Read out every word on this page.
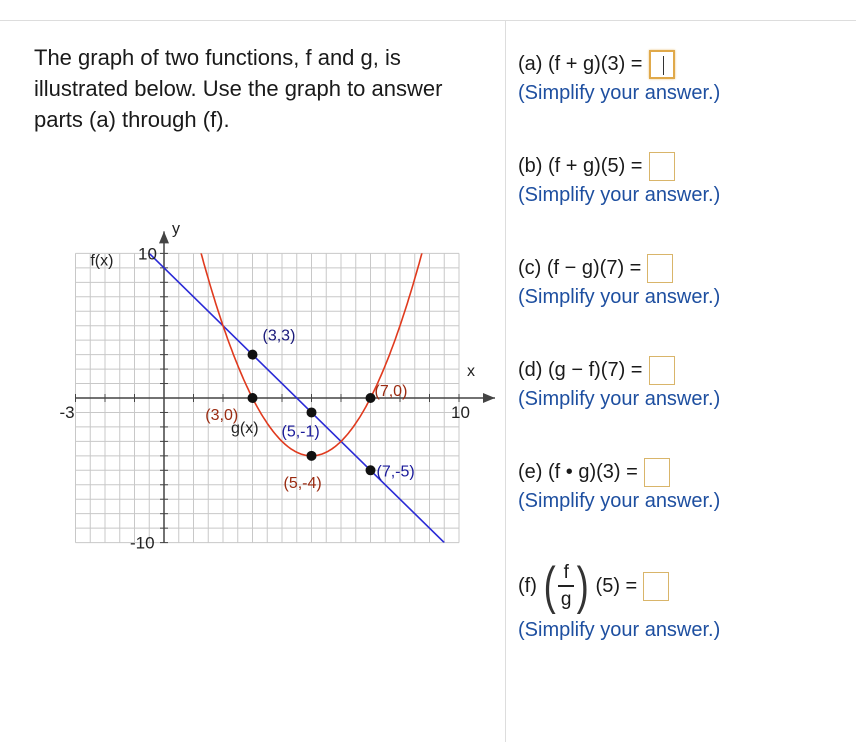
The graph of two functions, f and g, is illustrated below. Use the graph to answer parts (a) through (f).
x
y
-3	10
10
-10
f(x)
g(x)
(3,3)
(3,0)
(5,-1)
(5,-4)
(7,0)
(7,-5)
(a)
(f + g)(3) =
(Simplify your answer.)
(b)
(f + g)(5) =
(Simplify your answer.)
(c)
(f − g)(7) =
(Simplify your answer.)
(d)
(g − f)(7) =
(Simplify your answer.)
(e)
(f • g)(3) =
(Simplify your answer.)
(f) ( f
g ) (5) =
(Simplify your answer.)
